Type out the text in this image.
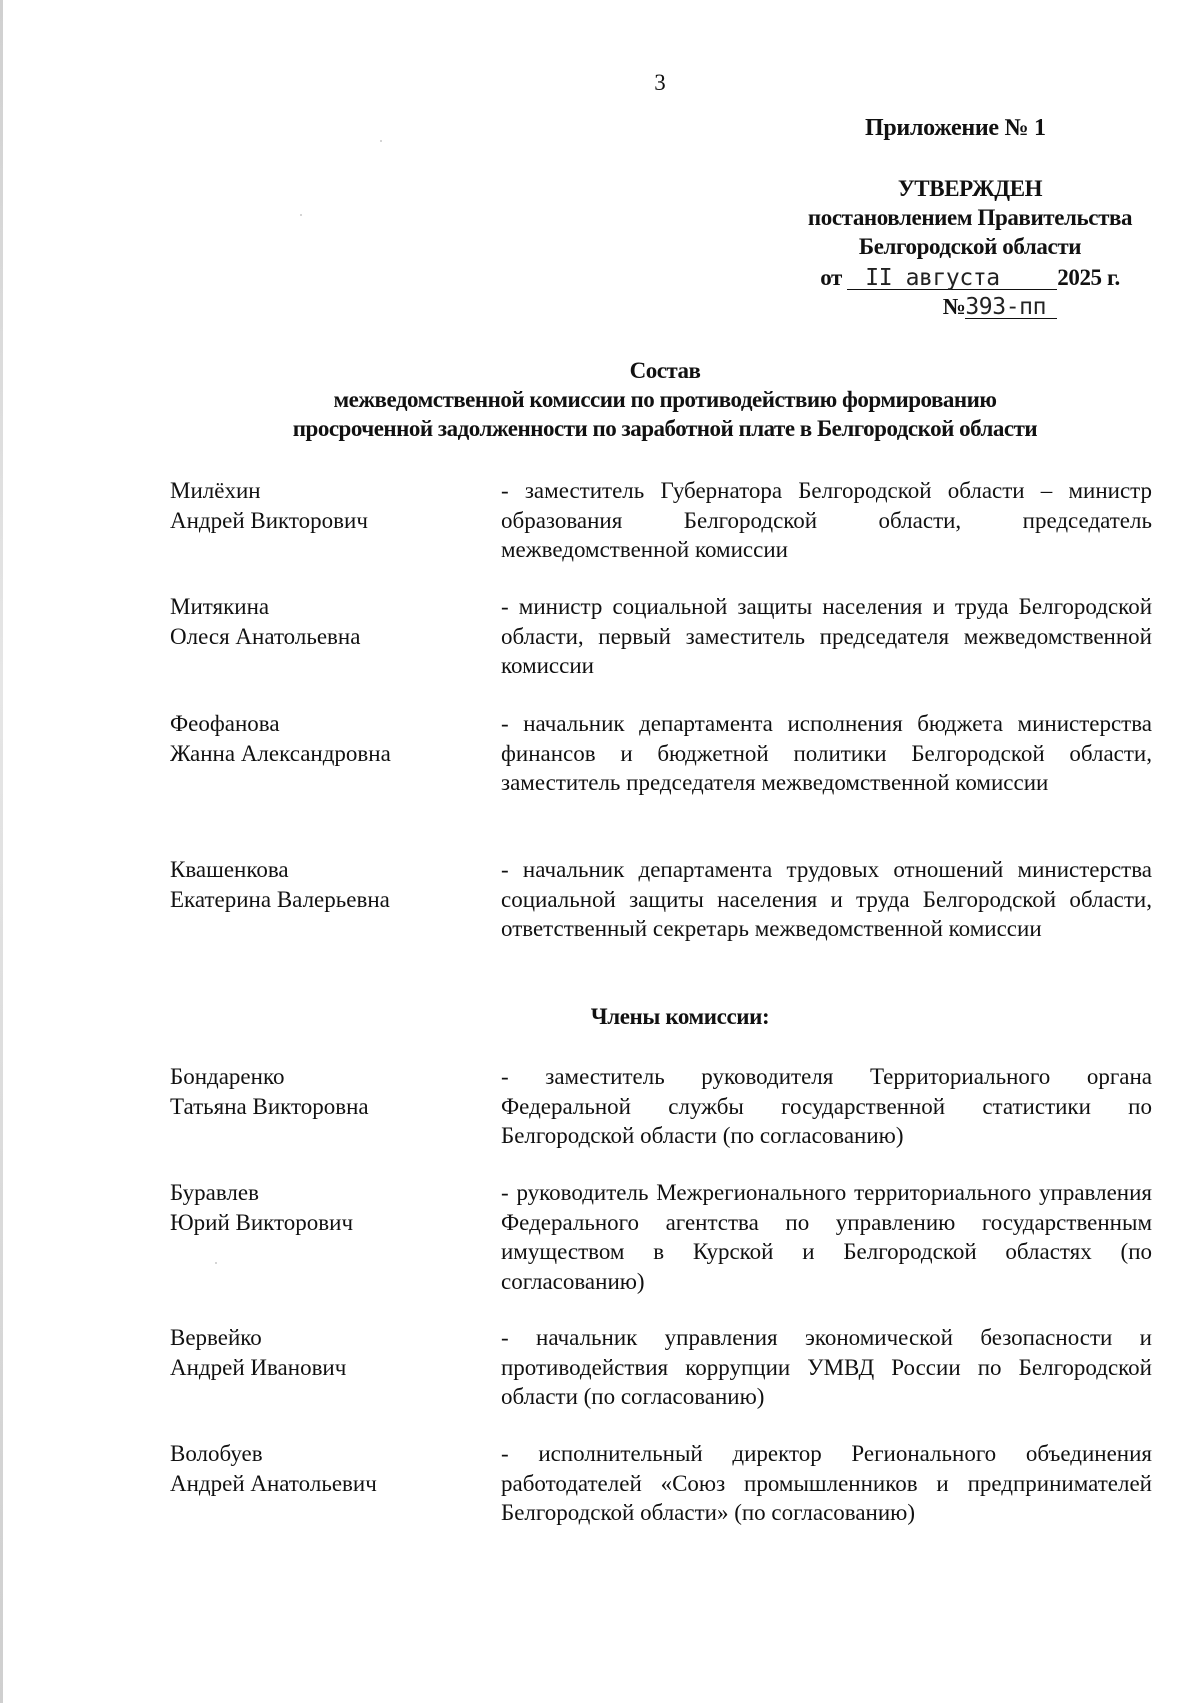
3
Приложение № 1
УТВЕРЖДЕН
постановлением Правительства
Белгородской области
от II августа	2025 г.
№393-пп
Состав
межведомственной комиссии по противодействию формированию
просроченной задолженности по заработной плате в Белгородской области
Милёхин
Андрей Викторович
- заместитель Губернатора Белгородской области – министр образования Белгородской области, председатель межведомственной комиссии
Митякина
Олеся Анатольевна
- министр социальной защиты населения и труда Белгородской области, первый заместитель председателя межведомственной комиссии
Феофанова
Жанна Александровна
- начальник департамента исполнения бюджета министерства финансов и бюджетной политики Белгородской области, заместитель председателя межведомственной комиссии
Квашенкова
Екатерина Валерьевна
- начальник департамента трудовых отношений министерства социальной защиты населения и труда Белгородской области, ответственный секретарь межведомственной комиссии
Члены комиссии:
Бондаренко
Татьяна Викторовна
- заместитель руководителя Территориального органа Федеральной службы государственной статистики по Белгородской области (по согласованию)
Буравлев
Юрий Викторович
- руководитель Межрегионального территориального управления Федерального агентства по управлению государственным имуществом в Курской и Белгородской областях (по согласованию)
Вервейко
Андрей Иванович
- начальник управления экономической безопасности и противодействия коррупции УМВД России по Белгородской области (по согласованию)
Волобуев
Андрей Анатольевич
- исполнительный директор Регионального объединения работодателей «Союз промышленников и предпринимателей Белгородской области» (по согласованию)
